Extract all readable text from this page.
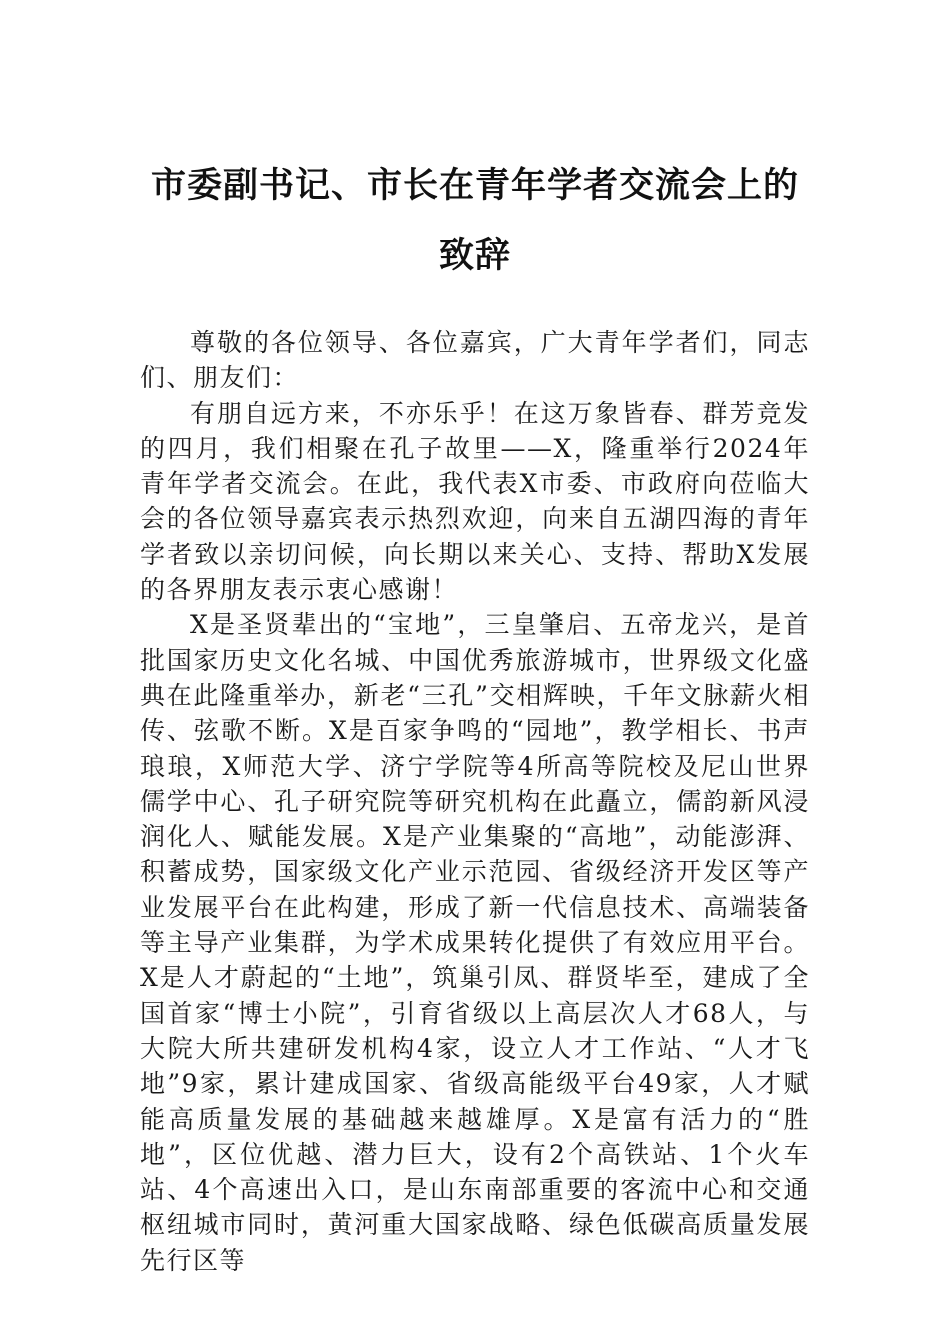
市委副书记、市长在青年学者交流会上的
致辞

尊敬的各位领导、各位嘉宾，广大青年学者们，同志们、朋友们：

有朋自远方来，不亦乐乎！在这万象皆春、群芳竞发的四月，我们相聚在孔子故里——X，隆重举行2024年青年学者交流会。在此，我代表X市委、市政府向莅临大会的各位领导嘉宾表示热烈欢迎，向来自五湖四海的青年学者致以亲切问候，向长期以来关心、支持、帮助X发展的各界朋友表示衷心感谢！

X是圣贤辈出的“宝地”，三皇肇启、五帝龙兴，是首批国家历史文化名城、中国优秀旅游城市，世界级文化盛典在此隆重举办，新老“三孔”交相辉映，千年文脉薪火相传、弦歌不断。X是百家争鸣的“园地”，教学相长、书声琅琅，X师范大学、济宁学院等4所高等院校及尼山世界儒学中心、孔子研究院等研究机构在此矗立，儒韵新风浸润化人、赋能发展。X是产业集聚的“高地”，动能澎湃、积蓄成势，国家级文化产业示范园、省级经济开发区等产业发展平台在此构建，形成了新一代信息技术、高端装备等主导产业集群，为学术成果转化提供了有效应用平台。X是人才蔚起的“土地”，筑巢引凤、群贤毕至，建成了全国首家“博士小院”，引育省级以上高层次人才68人，与大院大所共建研发机构4家，设立人才工作站、“人才飞地”9家，累计建成国家、省级高能级平台49家，人才赋能高质量发展的基础越来越雄厚。X是富有活力的“胜地”，区位优越、潜力巨大，设有2个高铁站、1个火车站、4个高速出入口，是山东南部重要的客流中心和交通枢纽城市同时，黄河重大国家战略、绿色低碳高质量发展先行区等
